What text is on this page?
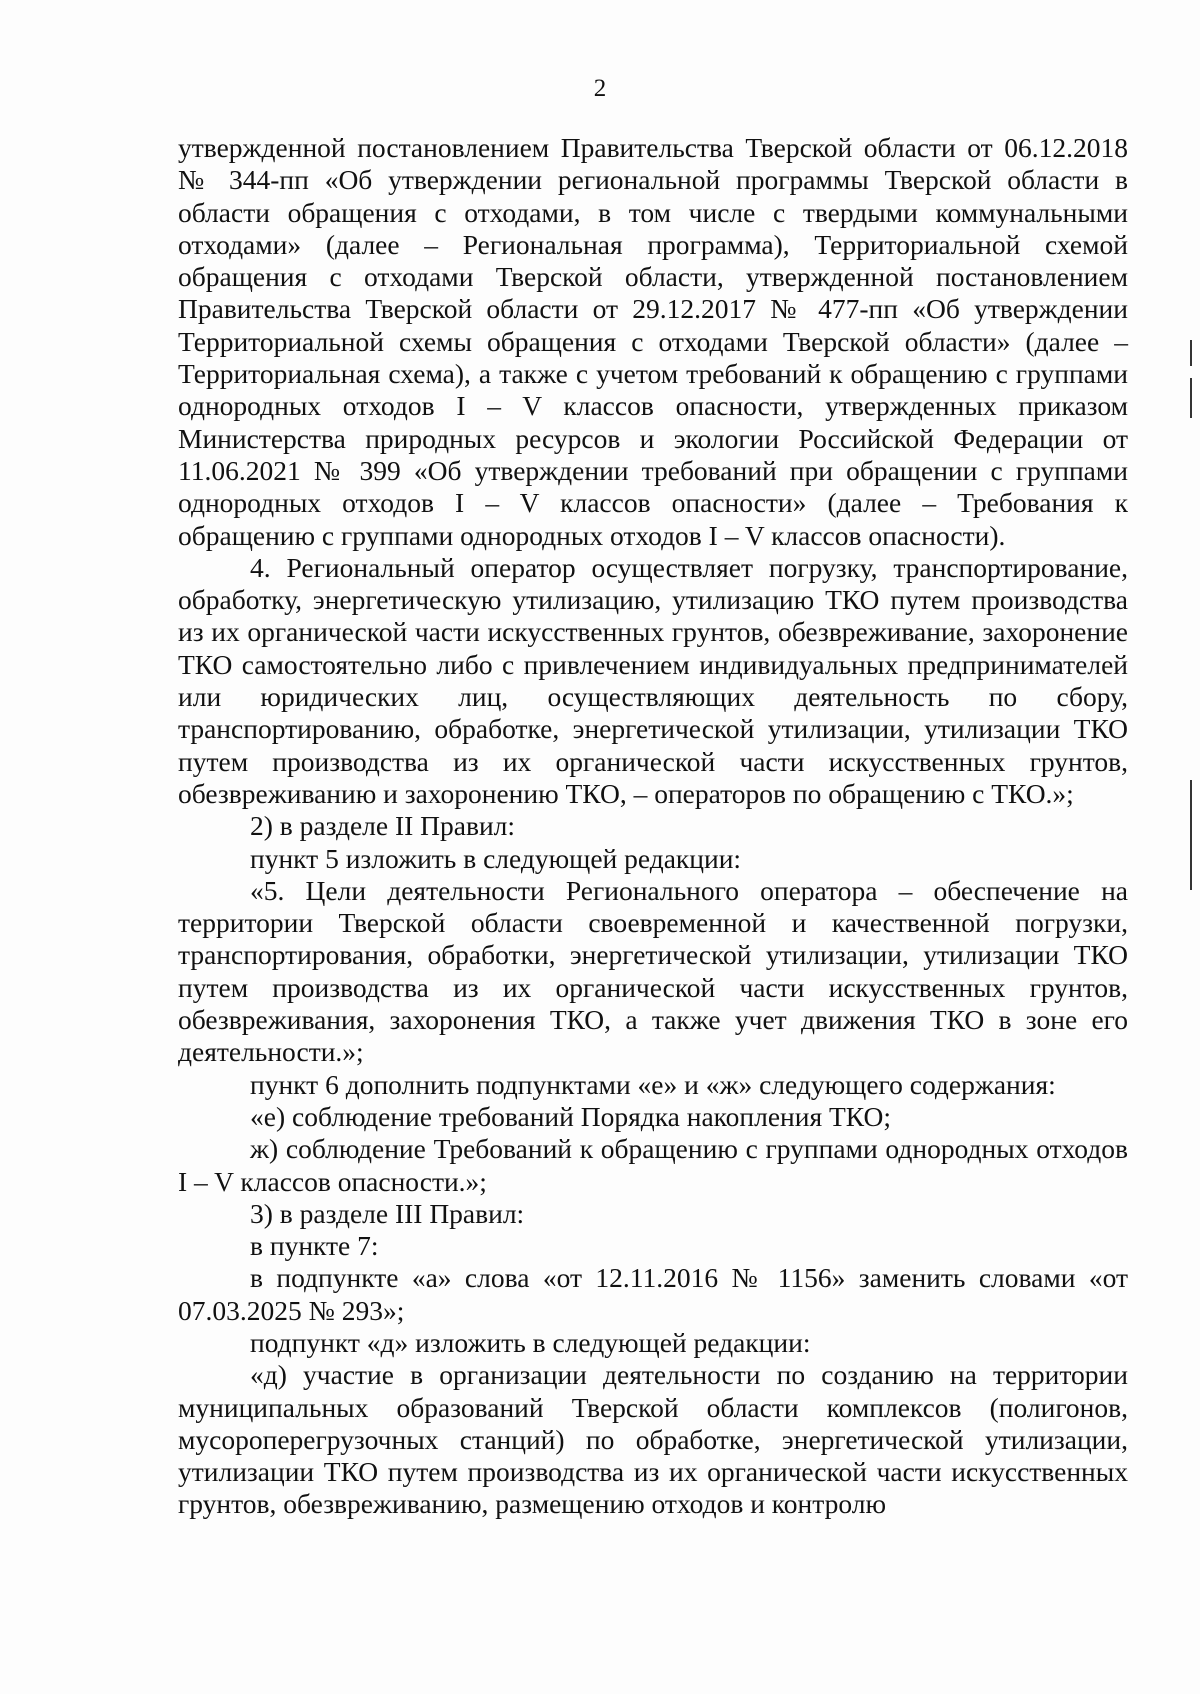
2

утвержденной постановлением Правительства Тверской области от 06.12.2018 № 344-пп «Об утверждении региональной программы Тверской области в области обращения с отходами, в том числе с твердыми коммунальными отходами» (далее – Региональная программа), Территориальной схемой обращения с отходами Тверской области, утвержденной постановлением Правительства Тверской области от 29.12.2017 № 477-пп «Об утверждении Территориальной схемы обращения с отходами Тверской области» (далее – Территориальная схема), а также с учетом требований к обращению с группами однородных отходов I – V классов опасности, утвержденных приказом Министерства природных ресурсов и экологии Российской Федерации от 11.06.2021 № 399 «Об утверждении требований при обращении с группами однородных отходов I – V классов опасности» (далее – Требования к обращению с группами однородных отходов I – V классов опасности).

4. Региональный оператор осуществляет погрузку, транспортирование, обработку, энергетическую утилизацию, утилизацию ТКО путем производства из их органической части искусственных грунтов, обезвреживание, захоронение ТКО самостоятельно либо с привлечением индивидуальных предпринимателей или юридических лиц, осуществляющих деятельность по сбору, транспортированию, обработке, энергетической утилизации, утилизации ТКО путем производства из их органической части искусственных грунтов, обезвреживанию и захоронению ТКО, – операторов по обращению с ТКО.»;

2) в разделе II Правил:

пункт 5 изложить в следующей редакции:

«5. Цели деятельности Регионального оператора – обеспечение на территории Тверской области своевременной и качественной погрузки, транспортирования, обработки, энергетической утилизации, утилизации ТКО путем производства из их органической части искусственных грунтов, обезвреживания, захоронения ТКО, а также учет движения ТКО в зоне его деятельности.»;

пункт 6 дополнить подпунктами «е» и «ж» следующего содержания:

«е) соблюдение требований Порядка накопления ТКО;

ж) соблюдение Требований к обращению с группами однородных отходов I – V классов опасности.»;

3) в разделе III Правил:

в пункте 7:

в подпункте «а» слова «от 12.11.2016 № 1156» заменить словами «от 07.03.2025 № 293»;

подпункт «д» изложить в следующей редакции:

«д) участие в организации деятельности по созданию на территории муниципальных образований Тверской области комплексов (полигонов, мусороперегрузочных станций) по обработке, энергетической утилизации, утилизации ТКО путем производства из их органической части искусственных грунтов, обезвреживанию, размещению отходов и контролю
